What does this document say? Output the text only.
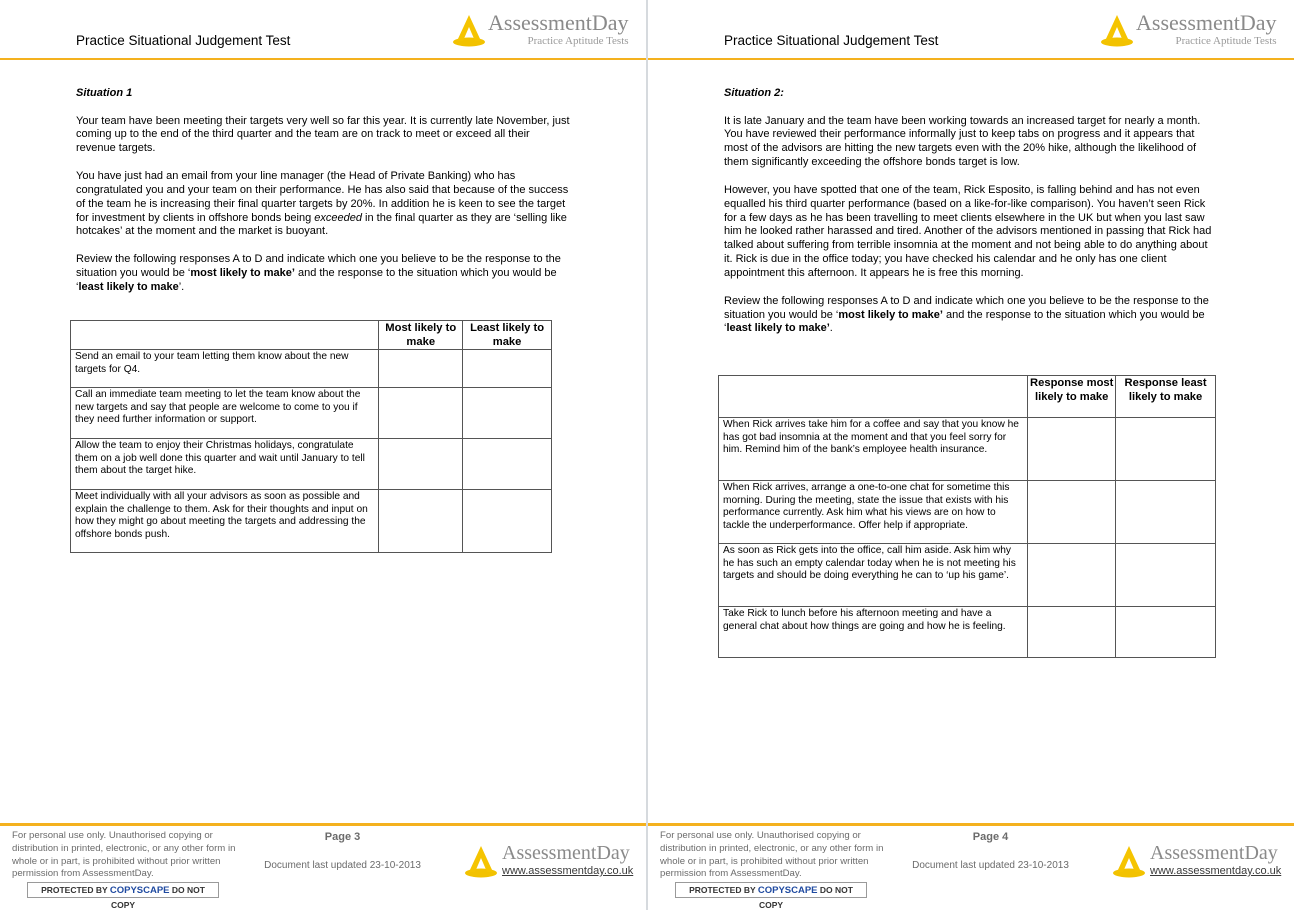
Practice Situational Judgement Test
AssessmentDay
Practice Aptitude Tests
Situation 1

Your team have been meeting their targets very well so far this year. It is currently late November, just coming up to the end of the third quarter and the team are on track to meet or exceed all their revenue targets.

You have just had an email from your line manager (the Head of Private Banking) who has congratulated you and your team on their performance. He has also said that because of the success of the team he is increasing their final quarter targets by 20%. In addition he is keen to see the target for investment by clients in offshore bonds being exceeded in the final quarter as they are ‘selling like hotcakes’ at the moment and the market is buoyant.

Review the following responses A to D and indicate which one you believe to be the response to the situation you would be ‘most likely to make’ and the response to the situation which you would be ‘least likely to make’.

	Most likely to make	Least likely to make
Send an email to your team letting them know about the new targets for Q4.		
Call an immediate team meeting to let the team know about the new targets and say that people are welcome to come to you if they need further information or support.		
Allow the team to enjoy their Christmas holidays, congratulate them on a job well done this quarter and wait until January to tell them about the target hike.		
Meet individually with all your advisors as soon as possible and explain the challenge to them. Ask for their thoughts and input on how they might go about meeting the targets and addressing the offshore bonds push.		
For personal use only. Unauthorised copying or distribution in printed, electronic, or any other form in whole or in part, is prohibited without prior written permission from AssessmentDay.
PROTECTED BY COPYSCAPE DO NOT COPY
Page 3
Document last updated 23-10-2013
AssessmentDay
www.assessmentday.co.uk
Practice Situational Judgement Test
AssessmentDay
Practice Aptitude Tests
Situation 2:

It is late January and the team have been working towards an increased target for nearly a month. You have reviewed their performance informally just to keep tabs on progress and it appears that most of the advisors are hitting the new targets even with the 20% hike, although the likelihood of them significantly exceeding the offshore bonds target is low.

However, you have spotted that one of the team, Rick Esposito, is falling behind and has not even equalled his third quarter performance (based on a like-for-like comparison). You haven’t seen Rick for a few days as he has been travelling to meet clients elsewhere in the UK but when you last saw him he looked rather harassed and tired. Another of the advisors mentioned in passing that Rick had talked about suffering from terrible insomnia at the moment and not being able to do anything about it. Rick is due in the office today; you have checked his calendar and he only has one client appointment this afternoon. It appears he is free this morning.

Review the following responses A to D and indicate which one you believe to be the response to the situation you would be ‘most likely to make’ and the response to the situation which you would be ‘least likely to make’.

	Response most likely to make	Response least likely to make
When Rick arrives take him for a coffee and say that you know he has got bad insomnia at the moment and that you feel sorry for him. Remind him of the bank’s employee health insurance.		
When Rick arrives, arrange a one-to-one chat for sometime this morning. During the meeting, state the issue that exists with his performance currently. Ask him what his views are on how to tackle the underperformance. Offer help if appropriate.		
As soon as Rick gets into the office, call him aside. Ask him why he has such an empty calendar today when he is not meeting his targets and should be doing everything he can to ‘up his game’.		
Take Rick to lunch before his afternoon meeting and have a general chat about how things are going and how he is feeling.		
For personal use only. Unauthorised copying or distribution in printed, electronic, or any other form in whole or in part, is prohibited without prior written permission from AssessmentDay.
PROTECTED BY COPYSCAPE DO NOT COPY
Page 4
Document last updated 23-10-2013
AssessmentDay
www.assessmentday.co.uk
